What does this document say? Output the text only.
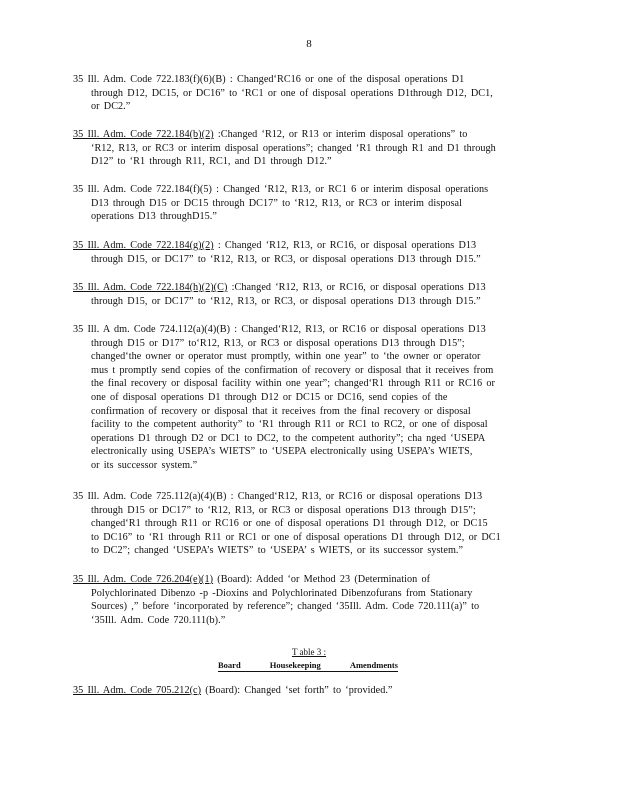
8
35 Ill. Adm. Code 722.183(f)(6)(B) : Changed‘RC16 or one of the disposal operations D1
through D12, DC15, or DC16” to ‘RC1 or one of disposal operations D1through D12, DC1,
or DC2.”
35 Ill. Adm. Code 722.184(b)(2) :Changed ‘R12, or R13 or interim disposal operations” to
‘R12, R13, or RC3 or interim disposal operations”; changed ‘R1 through R1 and D1 through
D12” to ‘R1 through R11, RC1, and D1 through D12.”
35 Ill. Adm. Code 722.184(f)(5) : Changed ‘R12, R13, or RC1 6 or interim disposal operations
D13 through D15 or DC15 through DC17” to ‘R12, R13, or RC3 or interim disposal
operations D13 throughD15.”
35 Ill. Adm. Code 722.184(g)(2) : Changed ‘R12, R13, or RC16, or disposal operations D13
through D15, or DC17” to ‘R12, R13, or RC3, or disposal operations D13 through D15.”
35 Ill. Adm. Code 722.184(h)(2)(C) :Changed ‘R12, R13, or RC16, or disposal operations D13
through D15, or DC17” to ‘R12, R13, or RC3, or disposal operations D13 through D15.”
35 Ill. A dm. Code 724.112(a)(4)(B) : Changed‘R12, R13, or RC16 or disposal operations D13
through D15 or D17” to‘R12, R13, or RC3 or disposal operations D13 through D15”;
changed‘the owner or operator must promptly, within one year” to ‘the owner or operator
mus t promptly send copies of the confirmation of recovery or disposal that it receives from
the final recovery or disposal facility within one year”; changed‘R1 through R11 or RC16 or
one of disposal operations D1 through D12 or DC15 or DC16, send copies of the
confirmation of recovery or disposal that it receives from the final recovery or disposal
facility to the competent authority” to ‘R1 through R11 or RC1 to RC2, or one of disposal
operations D1 through D2 or DC1 to DC2, to the competent authority”; cha nged ‘USEPA
electronically using USEPA’s WIETS” to ‘USEPA electronically using USEPA’s WIETS,
or its successor system.”
35 Ill. Adm. Code 725.112(a)(4)(B) : Changed‘R12, R13, or RC16 or disposal operations D13
through D15 or DC17” to ‘R12, R13, or RC3 or disposal operations D13 through D15”;
changed‘R1 through R11 or RC16 or one of disposal operations D1 through D12, or DC15
to DC16” to ‘R1 through R11 or RC1 or one of disposal operations D1 through D12, or DC1
to DC2”; changed ‘USEPA’s WIETS” to ‘USEPA’ s WIETS, or its successor system.”
35 Ill. Adm. Code 726.204(e)(1) (Board): Added ‘or Method 23 (Determination of
Polychlorinated Dibenzo -p -Dioxins and Polychlorinated Dibenzofurans from Stationary
Sources) ,” before ‘incorporated by reference”; changed ‘35Ill. Adm. Code 720.111(a)” to
‘35Ill. Adm. Code 720.111(b).”
T able 3 :
Board	Housekeeping	Amendments
35 Ill. Adm. Code 705.212(c) (Board): Changed ‘set forth” to ‘provided.”
